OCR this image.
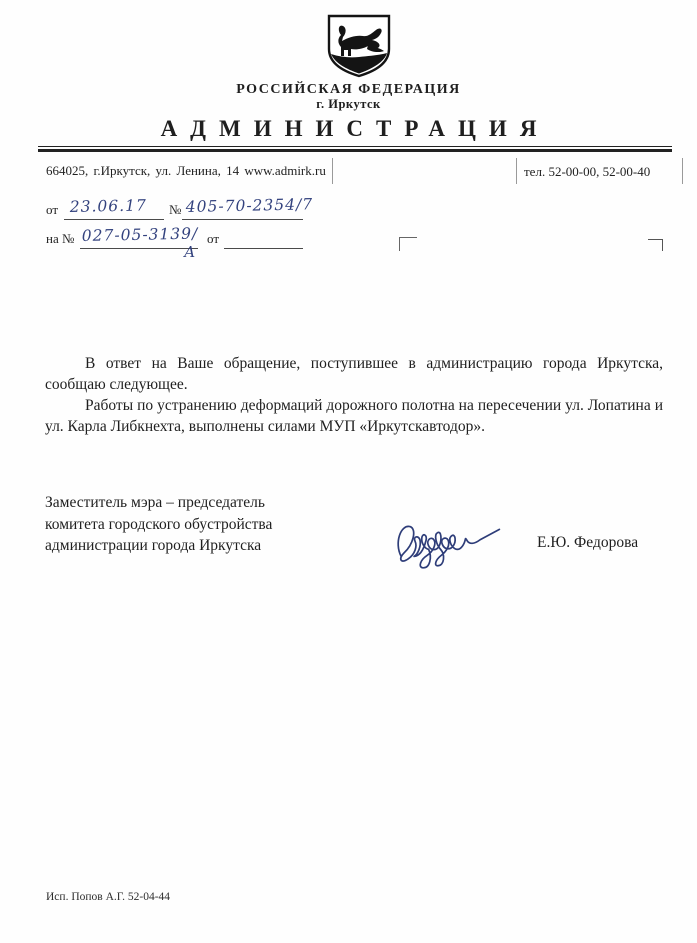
РОССИЙСКАЯ ФЕДЕРАЦИЯ
г. Иркутск
АДМИНИСТРАЦИЯ
664025, г.Иркутск, ул. Ленина, 14 www.admirk.ru	тел. 52-00-00, 52-00-40
от 23.06.17 № 405-70-2354/7
на № 027-05-3139/
А
от

В ответ на Ваше обращение, поступившее в администрацию города Иркутска, сообщаю следующее.

Работы по устранению деформаций дорожного полотна на пересечении ул. Лопатина и ул. Карла Либкнехта, выполнены силами МУП «Иркутскавтодор».

Заместитель мэра – председатель
комитета городского обустройства
администрации города Иркутска	Е.Ю. Федорова
Исп. Попов А.Г. 52-04-44
